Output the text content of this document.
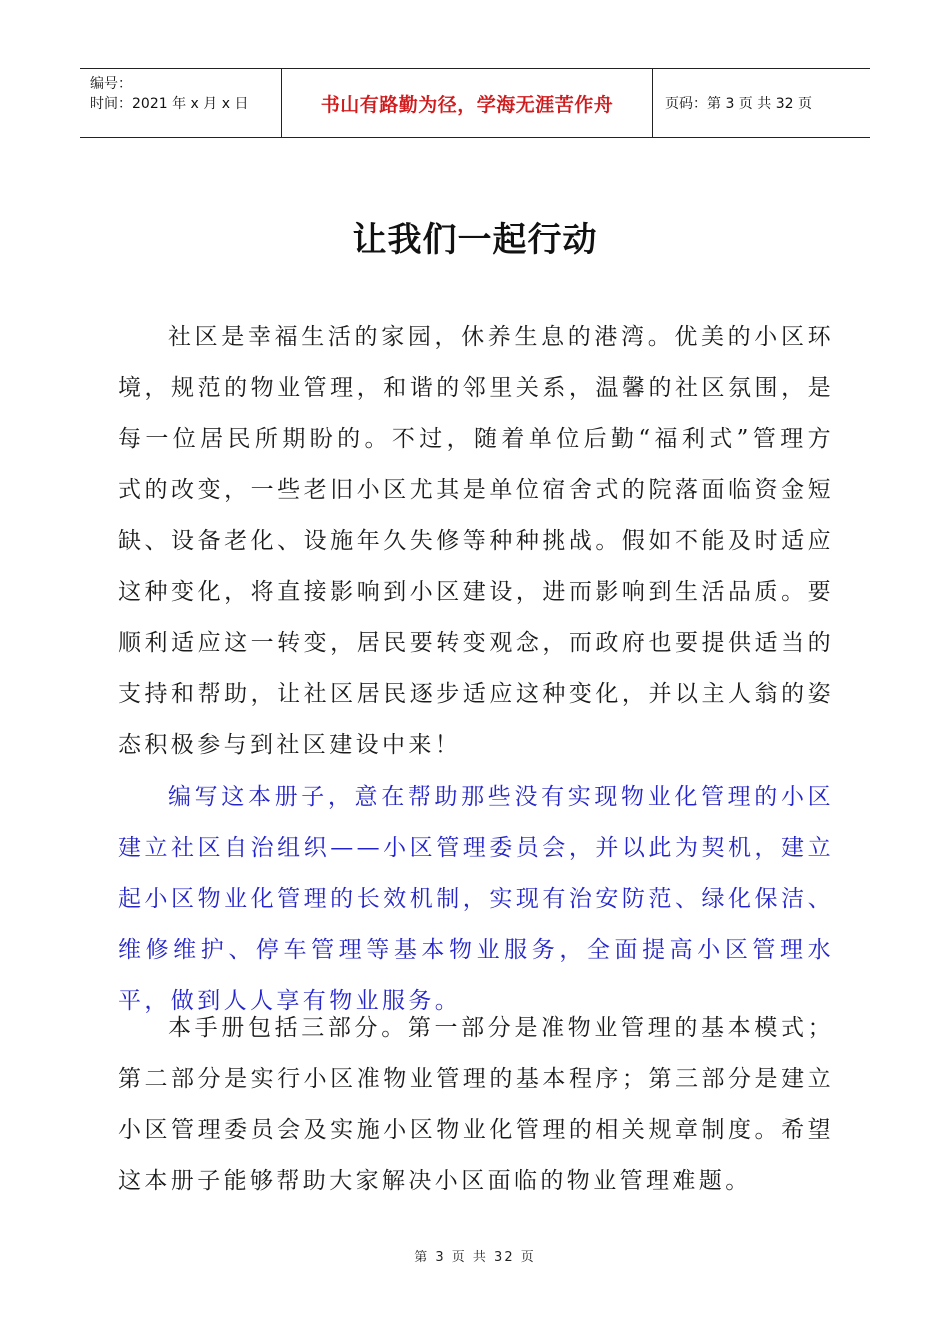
编号：
时间：2021 年 x 月 x 日	书山有路勤为径，学海无涯苦作舟	页码：第 3 页 共 32 页
让我们一起行动

社区是幸福生活的家园，休养生息的港湾。优美的小区环境，规范的物业管理，和谐的邻里关系，温馨的社区氛围，是每一位居民所期盼的。不过，随着单位后勤“福利式”管理方式的改变，一些老旧小区尤其是单位宿舍式的院落面临资金短缺、设备老化、设施年久失修等种种挑战。假如不能及时适应这种变化，将直接影响到小区建设，进而影响到生活品质。要顺利适应这一转变，居民要转变观念，而政府也要提供适当的支持和帮助，让社区居民逐步适应这种变化，并以主人翁的姿态积极参与到社区建设中来！

编写这本册子，意在帮助那些没有实现物业化管理的小区建立社区自治组织——小区管理委员会，并以此为契机，建立起小区物业化管理的长效机制，实现有治安防范、绿化保洁、维修维护、停车管理等基本物业服务，全面提高小区管理水平，做到人人享有物业服务。

本手册包括三部分。第一部分是准物业管理的基本模式；第二部分是实行小区准物业管理的基本程序；第三部分是建立小区管理委员会及实施小区物业化管理的相关规章制度。希望这本册子能够帮助大家解决小区面临的物业管理难题。

第 3 页 共 32 页
